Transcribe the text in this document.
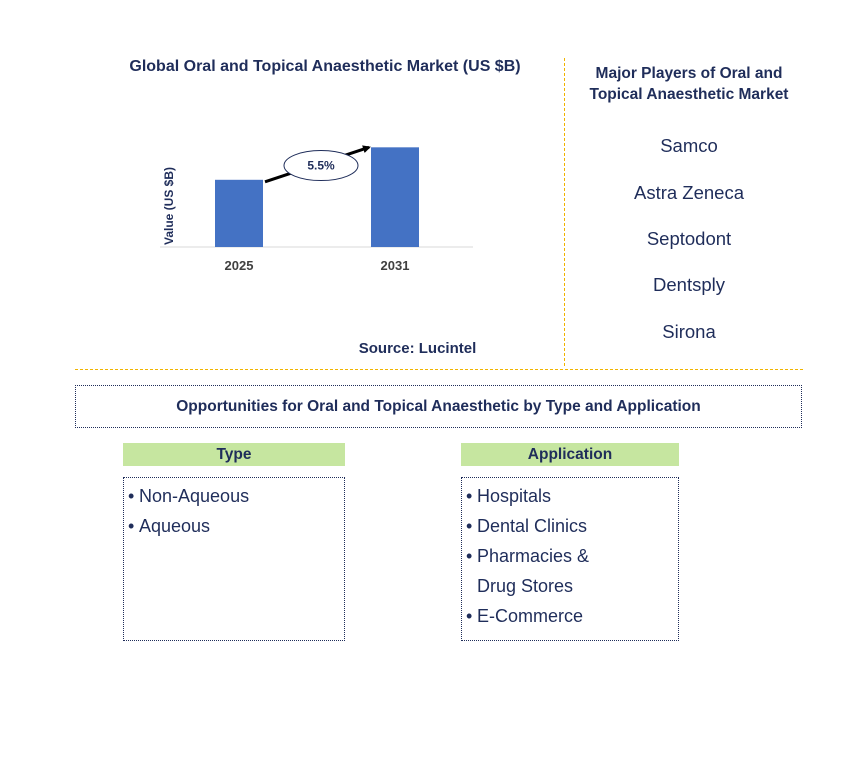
Global Oral and Topical Anaesthetic Market (US $B)
Value (US $B)
2025	2031
5.5%
Source: Lucintel
Major Players of Oral and Topical Anaesthetic Market
Samco
Astra Zeneca
Septodont
Dentsply
Sirona
Opportunities for Oral and Topical Anaesthetic by Type and Application
Type
• Non-Aqueous
• Aqueous
Application
• Hospitals
• Dental Clinics
• Pharmacies &
Drug Stores
• E-Commerce
